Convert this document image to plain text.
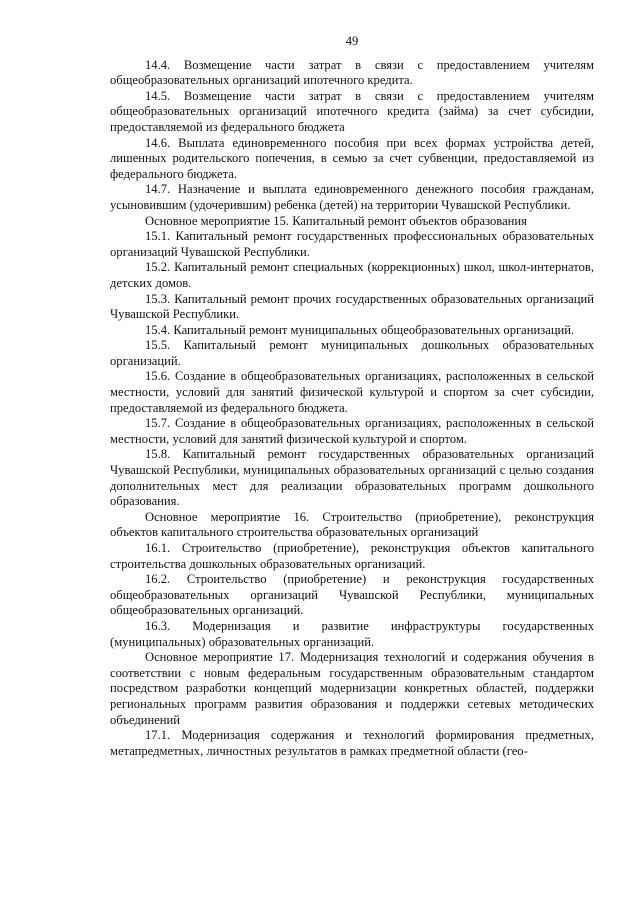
49

14.4. Возмещение части затрат в связи с предоставлением учителям общеобразовательных организаций ипотечного кредита.

14.5. Возмещение части затрат в связи с предоставлением учителям общеобразовательных организаций ипотечного кредита (займа) за счет субсидии, предоставляемой из федерального бюджета

14.6. Выплата единовременного пособия при всех формах устройства детей, лишенных родительского попечения, в семью за счет субвенции, предоставляемой из федерального бюджета.

14.7. Назначение и выплата единовременного денежного пособия гражданам, усыновившим (удочерившим) ребенка (детей) на территории Чувашской Республики.

Основное мероприятие 15. Капитальный ремонт объектов образования

15.1. Капитальный ремонт государственных профессиональных образовательных организаций Чувашской Республики.

15.2. Капитальный ремонт специальных (коррекционных) школ, школ-интернатов, детских домов.

15.3. Капитальный ремонт прочих государственных образовательных организаций Чувашской Республики.

15.4. Капитальный ремонт муниципальных общеобразовательных организаций.

15.5. Капитальный ремонт муниципальных дошкольных образовательных организаций.

15.6. Создание в общеобразовательных организациях, расположенных в сельской местности, условий для занятий физической культурой и спортом за счет субсидии, предоставляемой из федерального бюджета.

15.7. Создание в общеобразовательных организациях, расположенных в сельской местности, условий для занятий физической культурой и спортом.

15.8. Капитальный ремонт государственных образовательных организаций Чувашской Республики, муниципальных образовательных организаций с целью создания дополнительных мест для реализации образовательных программ дошкольного образования.

Основное мероприятие 16. Строительство (приобретение), реконструкция объектов капитального строительства образовательных организаций

16.1. Строительство (приобретение), реконструкция объектов капитального строительства дошкольных образовательных организаций.

16.2. Строительство (приобретение) и реконструкция государственных общеобразовательных организаций Чувашской Республики, муниципальных общеобразовательных организаций.

16.3. Модернизация и развитие инфраструктуры государственных (муниципальных) образовательных организаций.

Основное мероприятие 17. Модернизация технологий и содержания обучения в соответствии с новым федеральным государственным образовательным стандартом посредством разработки концепций модернизации конкретных областей, поддержки региональных программ развития образования и поддержки сетевых методических объединений

17.1. Модернизация содержания и технологий формирования предметных, метапредметных, личностных результатов в рамках предметной области (гео-
